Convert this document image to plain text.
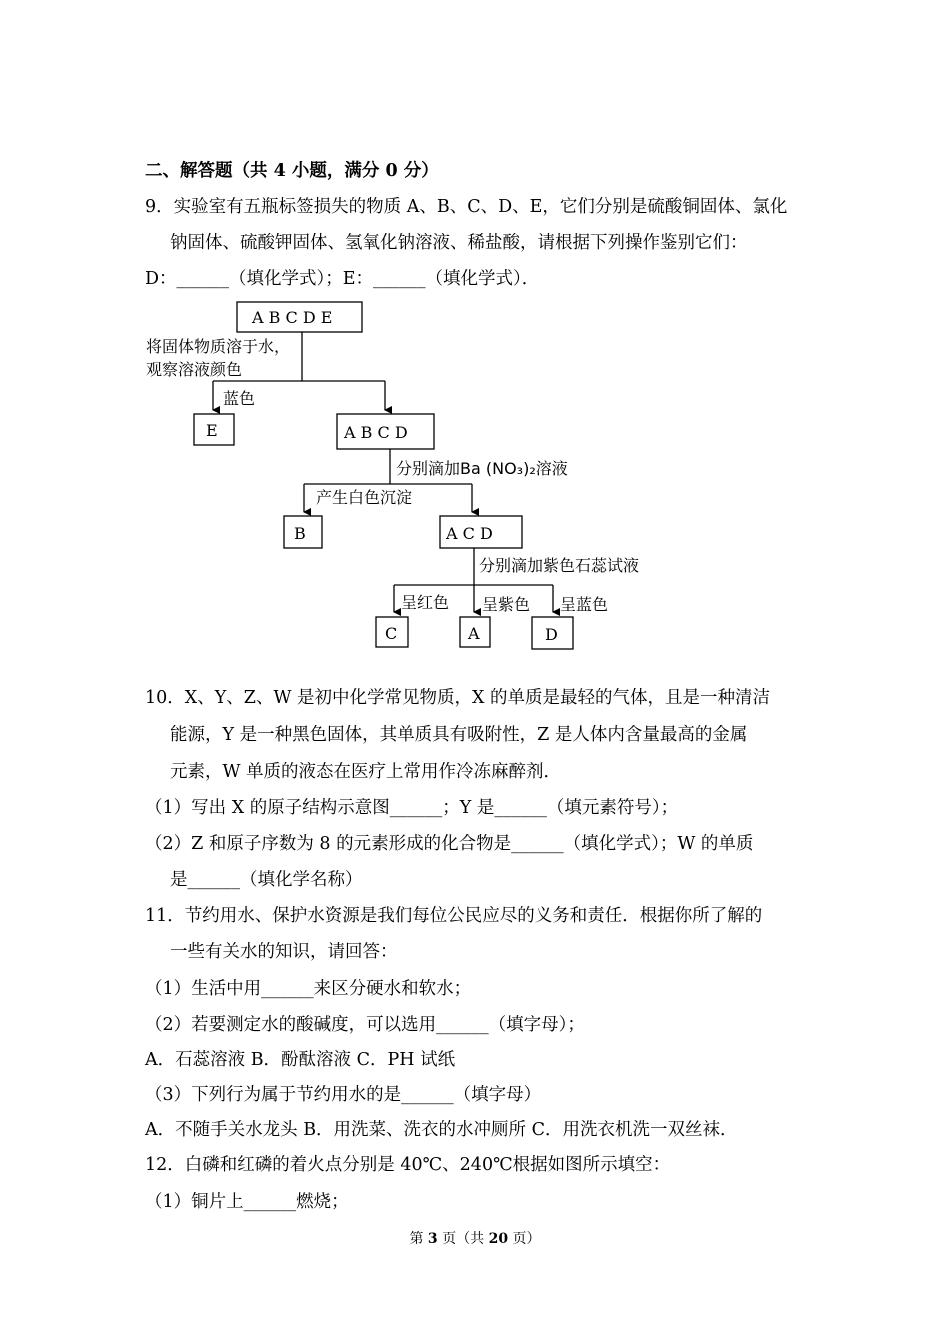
二、解答题（共 4 小题，满分 0 分）
9．实验室有五瓶标签损失的物质 A、B、C、D、E，它们分别是硫酸铜固体、氯化
钠固体、硫酸钾固体、氢氧化钠溶液、稀盐酸，请根据下列操作鉴别它们：
D：______（填化学式）；E：______（填化学式）．
A B C D E
将固体物质溶于水，
观察溶液颜色
蓝色
E	A B C D
分别滴加Ba (NO₃)₂溶液
产生白色沉淀
B	A C D
分别滴加紫色石蕊试液
呈红色 呈紫色 呈蓝色
C	A	D
10．X、Y、Z、W 是初中化学常见物质，X 的单质是最轻的气体，且是一种清洁
能源，Y 是一种黑色固体，其单质具有吸附性，Z 是人体内含量最高的金属
元素，W 单质的液态在医疗上常用作冷冻麻醉剂．
（1）写出 X 的原子结构示意图______；Y 是______（填元素符号）；
（2）Z 和原子序数为 8 的元素形成的化合物是______（填化学式）；W 的单质
是______（填化学名称）
11．节约用水、保护水资源是我们每位公民应尽的义务和责任．根据你所了解的
一些有关水的知识，请回答：
（1）生活中用______来区分硬水和软水；
（2）若要测定水的酸碱度，可以选用______（填字母）；
A．石蕊溶液 B．酚酞溶液 C．PH 试纸
（3）下列行为属于节约用水的是______（填字母）
A．不随手关水龙头 B．用洗菜、洗衣的水冲厕所 C．用洗衣机洗一双丝袜．
12．白磷和红磷的着火点分别是 40℃、240℃根据如图所示填空：
（1）铜片上______燃烧；
第 3 页（共 20 页）
